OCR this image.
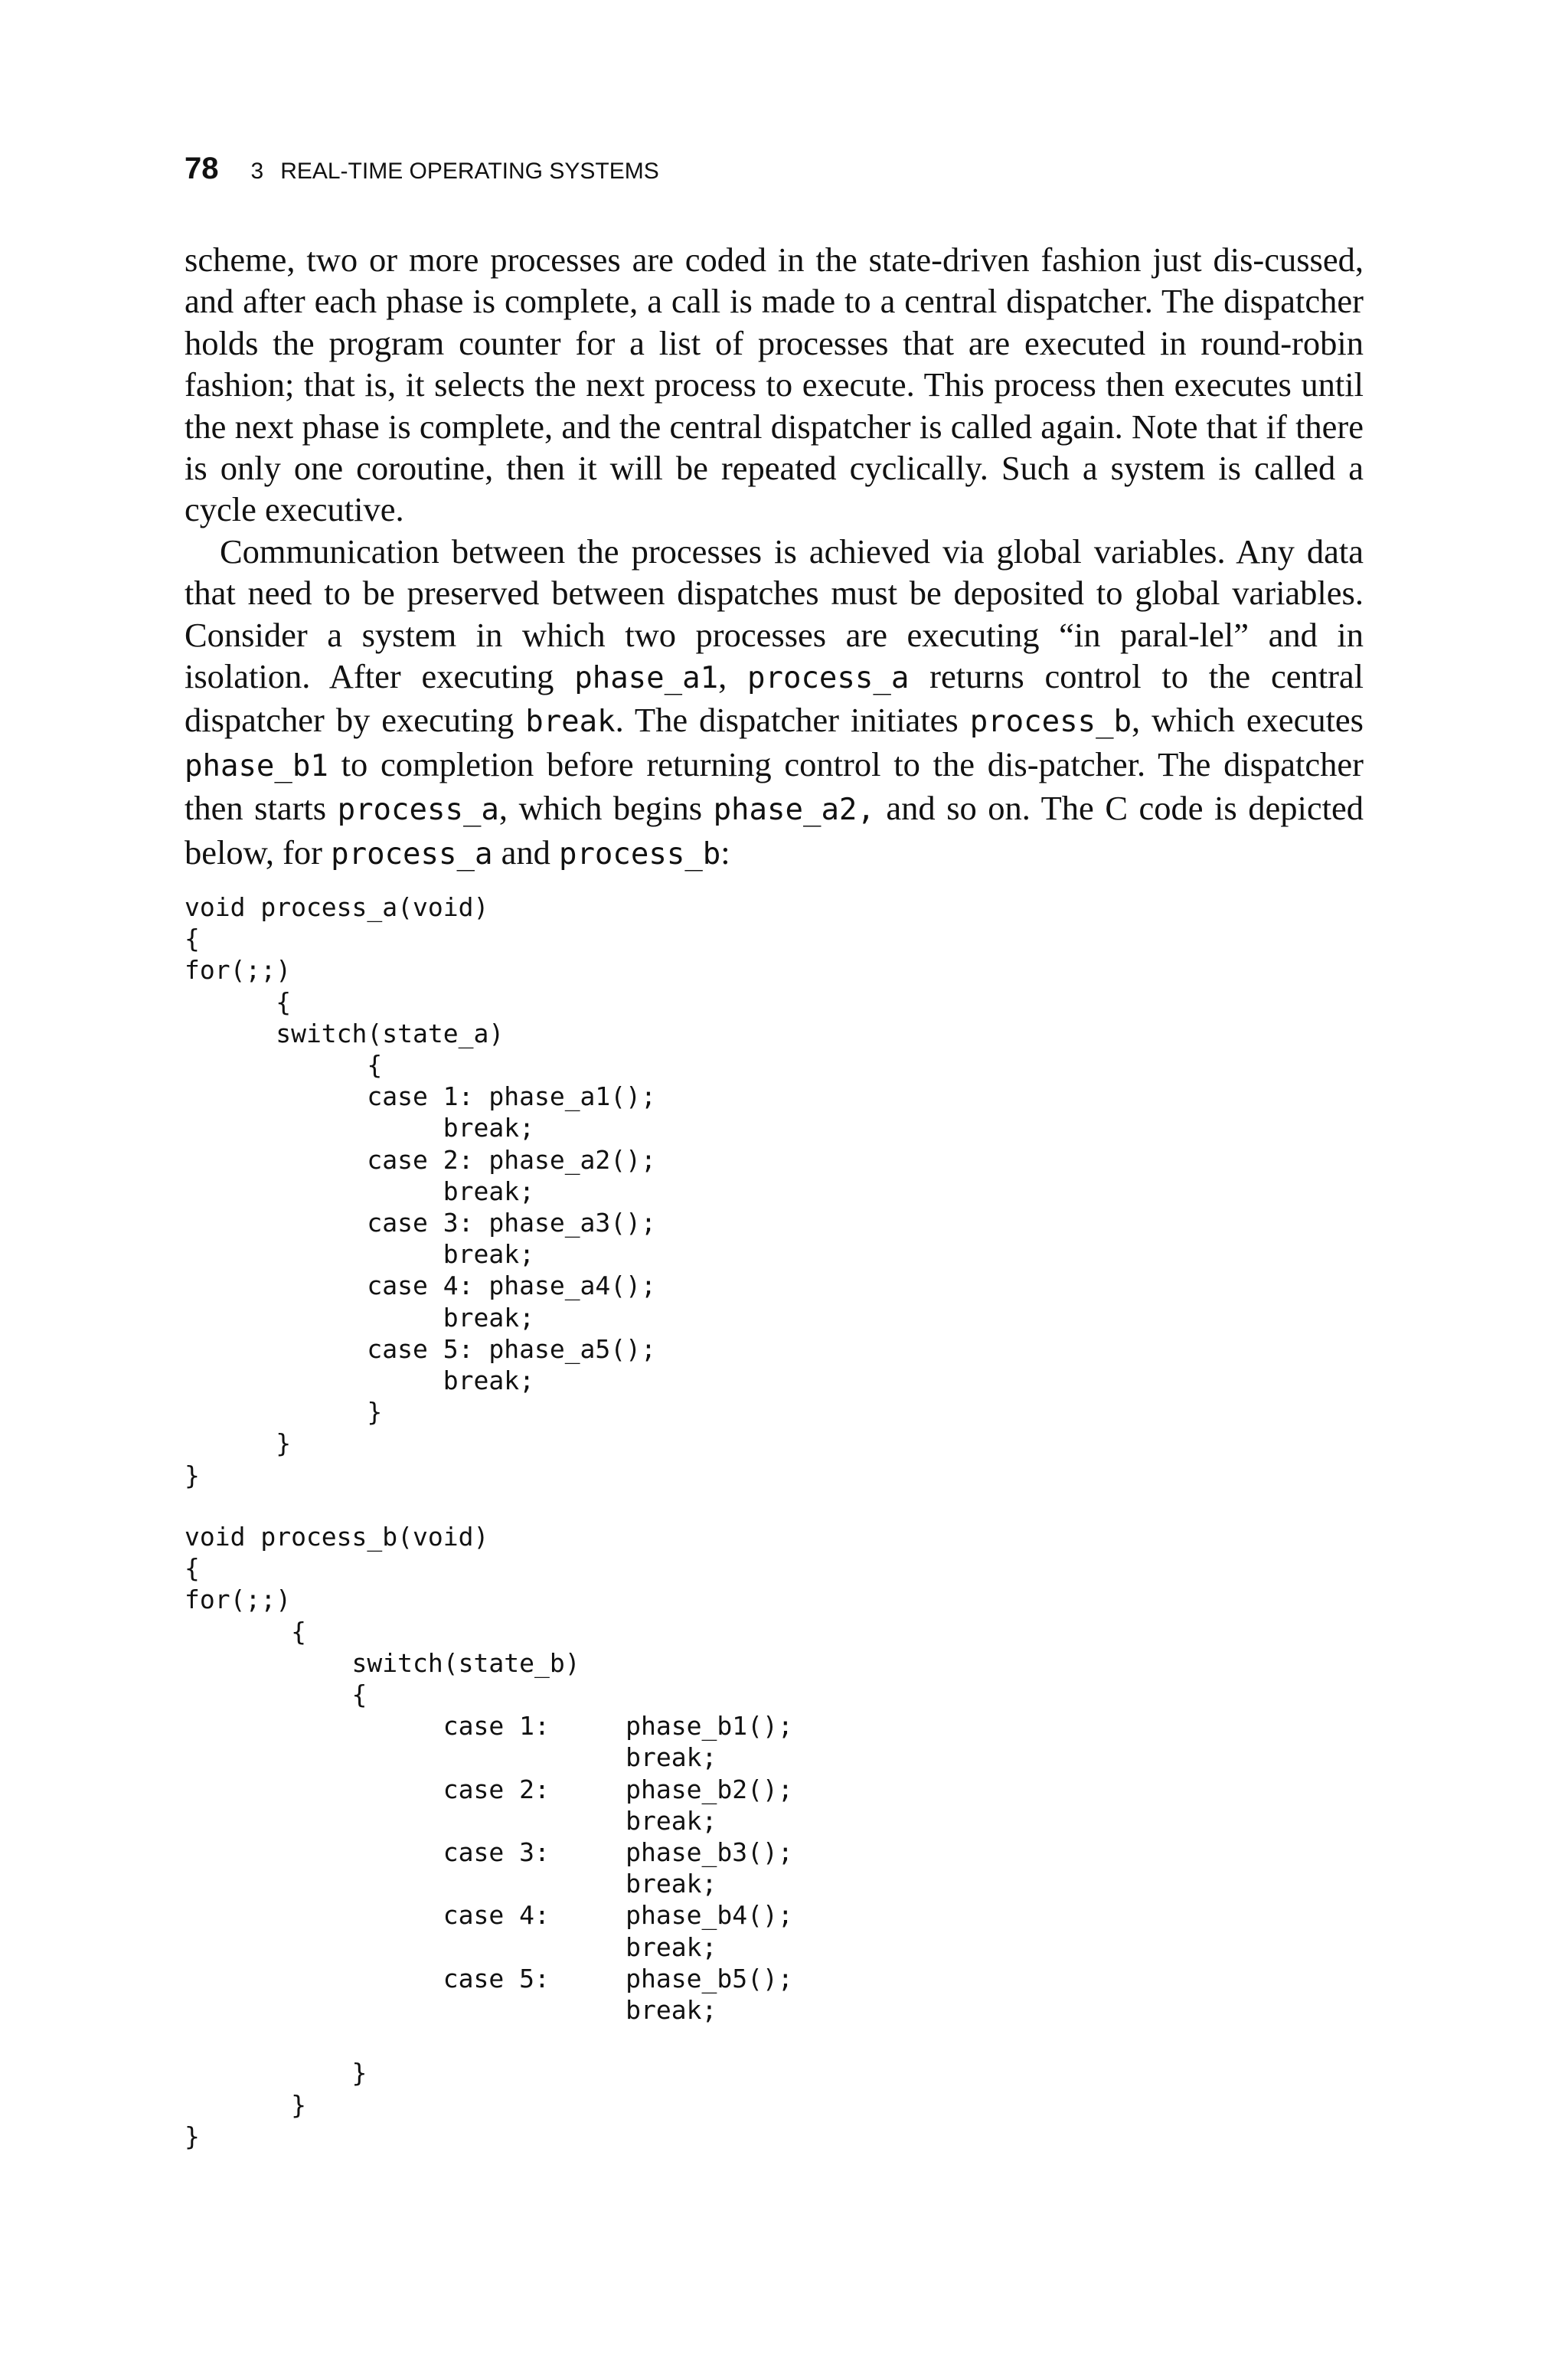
78 3 REAL-TIME OPERATING SYSTEMS

scheme, two or more processes are coded in the state-driven fashion just dis-cussed, and after each phase is complete, a call is made to a central dispatcher. The dispatcher holds the program counter for a list of processes that are executed in round-robin fashion; that is, it selects the next process to execute. This process then executes until the next phase is complete, and the central dispatcher is called again. Note that if there is only one coroutine, then it will be repeated cyclically. Such a system is called a cycle executive.

Communication between the processes is achieved via global variables. Any data that need to be preserved between dispatches must be deposited to global variables. Consider a system in which two processes are executing “in paral-lel” and in isolation. After executing phase_a1, process_a returns control to the central dispatcher by executing break. The dispatcher initiates process_b, which executes phase_b1 to completion before returning control to the dis-patcher. The dispatcher then starts process_a, which begins phase_a2, and so on. The C code is depicted below, for process_a and process_b:

void process_a(void)
{
for(;;)
{
switch(state_a)
{
case 1: phase_a1();
break;
case 2: phase_a2();
break;
case 3: phase_a3();
break;
case 4: phase_a4();
break;
case 5: phase_a5();
break;
}
}
}
void process_b(void)
{
for(;;)
{
switch(state_b)
{
case 1:     phase_b1();
break;
case 2:     phase_b2();
break;
case 3:     phase_b3();
break;
case 4:     phase_b4();
break;
case 5:     phase_b5();
break;

}
}
}
